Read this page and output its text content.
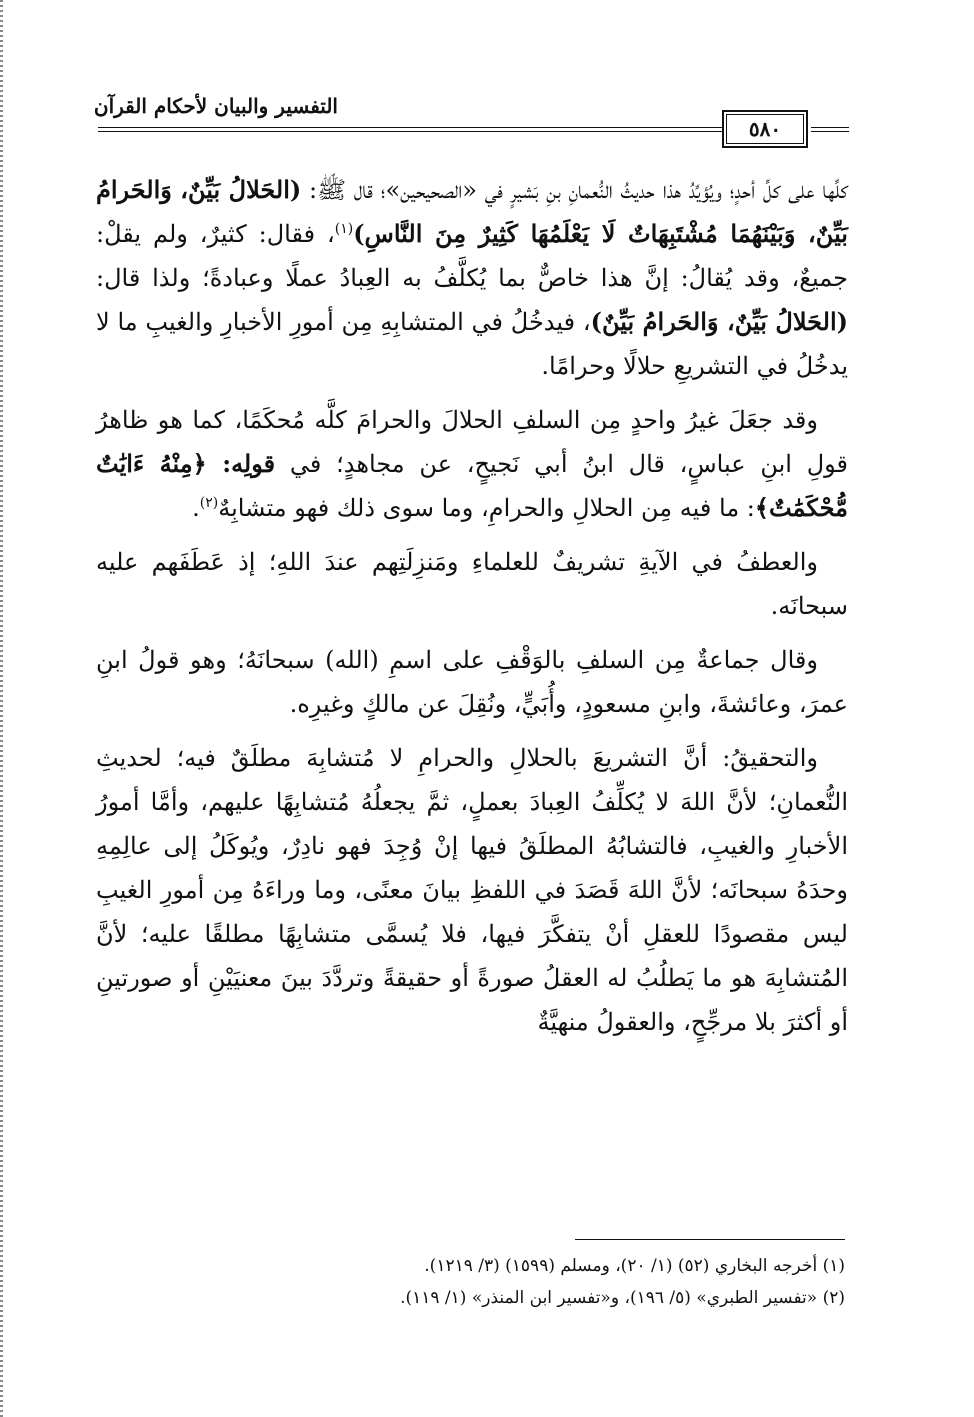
التفسير والبيان لأحكام القرآن
٥٨٠

كلِّها على كلِّ أحدٍ؛ ويُؤيِّدُ هذا حديثُ النُّعمانِ بنِ بَشيرٍ في «الصحيحين»؛ قال ﷺ: (الحَلالُ بَيِّنٌ، وَالحَرامُ بَيِّنٌ، وَبَيْنَهُمَا مُشْتَبِهَاتٌ لَا يَعْلَمُهَا كَثِيرٌ مِنَ النَّاسِ)$^{(١)}$، فقال: كثيرٌ، ولم يقلْ: جميعٌ، وقد يُقالُ: إنَّ هذا خاصٌّ بما يُكلَّفُ به العِبادُ عملًا وعبادةً؛ ولذا قال: (الحَلالُ بَيِّنٌ، وَالحَرامُ بَيِّنٌ)، فيدخُلُ في المتشابِهِ مِن أمورِ الأخبارِ والغيبِ ما لا يدخُلُ في التشريعِ حلالًا وحرامًا.

وقد جعَلَ غيرُ واحدٍ مِن السلفِ الحلالَ والحرامَ كلَّه مُحكَمًا، كما هو ظاهرُ قولِ ابنِ عباسٍ، قال ابنُ أبي نَجيحٍ، عن مجاهدٍ؛ في قولِه: ﴿مِنْهُ ءَايَٰتٌ مُّحْكَمَٰتٌ﴾: ما فيه مِن الحلالِ والحرامِ، وما سوى ذلك فهو متشابِهٌ$^{(٢)}$.

والعطفُ في الآيةِ تشريفٌ للعلماءِ ومَنزِلَتِهم عندَ اللهِ؛ إذ عَطَفَهم عليه سبحانَه.

وقال جماعةٌ مِن السلفِ بالوَقْفِ على اسمِ (الله) سبحانَهُ؛ وهو قولُ ابنِ عمرَ، وعائشةَ، وابنِ مسعودٍ، وأُبَيٍّ، ونُقِلَ عن مالكٍ وغيرِه.

والتحقيقُ: أنَّ التشريعَ بالحلالِ والحرامِ لا مُتشابِهَ مطلَقٌ فيه؛ لحديثِ النُّعمانِ؛ لأنَّ اللهَ لا يُكلِّفُ العِبادَ بعملٍ، ثمَّ يجعلُهُ مُتشابِهًا عليهم، وأمَّا أمورُ الأخبارِ والغيبِ، فالتشابُهُ المطلَقُ فيها إنْ وُجِدَ فهو نادِرٌ، ويُوكَلُ إلى عالِمِهِ وحدَهُ سبحانَه؛ لأنَّ اللهَ قَصَدَ في اللفظِ بيانَ معنًى، وما وراءَهُ مِن أمورِ الغيبِ ليس مقصودًا للعقلِ أنْ يتفكَّرَ فيها، فلا يُسمَّى متشابِهًا مطلقًا عليه؛ لأنَّ المُتشابِهَ هو ما يَطلُبُ له العقلُ صورةً أو حقيقةً وتردَّدَ بينَ معنيَيْنِ أو صورتينِ أو أكثرَ بلا مرجِّحٍ، والعقولُ منهيَّةٌ

(١) أخرجه البخاري (٥٢) (١/ ٢٠)، ومسلم (١٥٩٩) (٣/ ١٢١٩).

(٢) «تفسير الطبري» (٥/ ١٩٦)، و«تفسير ابن المنذر» (١/ ١١٩).
